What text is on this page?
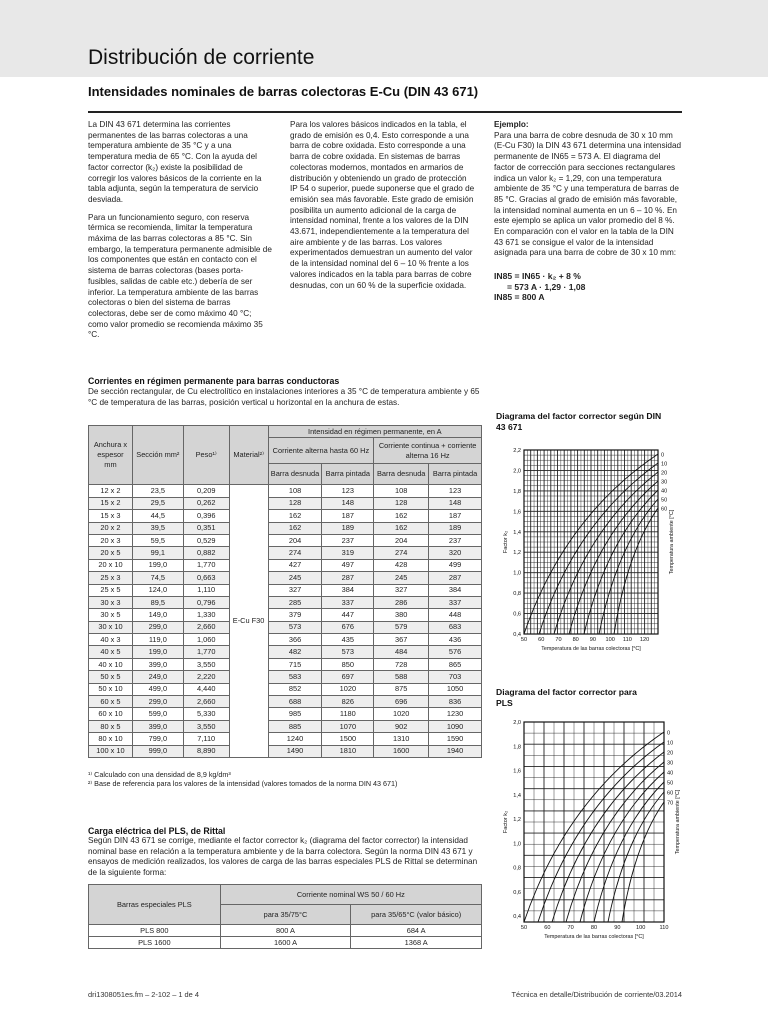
Distribución de corriente
Intensidades nominales de barras colectoras E-Cu (DIN 43 671)

La DIN 43 671 determina las corrientes permanentes de las barras colectoras a una temperatura ambiente de 35 °C y a una temperatura media de 65 °C. Con la ayuda del factor corrector (k₂) existe la posibilidad de corregir los valores básicos de la corriente en la tabla adjunta, según la temperatura de servicio desviada.

Para un funcionamiento seguro, con reserva térmica se recomienda, limitar la temperatura máxima de las barras colectoras a 85 °C. Sin embargo, la temperatura permanente admisible de los componentes que están en contacto con el sistema de barras colectoras (bases porta-fusibles, salidas de cable etc.) debería de ser inferior. La temperatura ambiente de las barras colectoras o bien del sistema de barras colectoras, debe ser de como máximo 40 °C; como valor promedio se recomienda máximo 35 °C.

Para los valores básicos indicados en la tabla, el grado de emisión es 0,4. Esto corresponde a una barra de cobre oxidada. Esto corresponde a una barra de cobre oxidada. En sistemas de barras colectoras modernos, montados en armarios de distribución y obteniendo un grado de protección IP 54 o superior, puede suponerse que el grado de emisión sea más favorable. Este grado de emisión posibilita un aumento adicional de la carga de intensidad nominal, frente a los valores de la DIN 43.671, independientemente a la temperatura del aire ambiente y de las barras. Los valores experimentados demuestran un aumento del valor de la intensidad nominal del 6 – 10 % frente a los valores indicados en la tabla para barras de cobre desnudas, con un 60 % de la superficie oxidada.

Ejemplo:

Para una barra de cobre desnuda de 30 x 10 mm (E-Cu F30) la DIN 43 671 determina una intensidad permanente de IN65 = 573 A. El diagrama del factor de corrección para secciones rectangulares indica un valor k₂ = 1,29, con una temperatura ambiente de 35 °C y una temperatura de barras de 85 °C. Gracias al grado de emisión más favorable, la intensidad nominal aumenta en un 6 – 10 %. En este ejemplo se aplica un valor promedio del 8 %. En comparación con el valor en la tabla de la DIN 43 671 se consigue el valor de la intensidad asignada para una barra de cobre de 30 x 10 mm:

IN85 = IN65 · k₂ + 8 %
= 573 A · 1,29 · 1,08
IN85 = 800 A
Corrientes en régimen permanente para barras conductoras
De sección rectangular, de Cu electrolítico en instalaciones interiores a 35 °C de temperatura ambiente y 65 °C de temperatura de las barras, posición vertical u horizontal en la anchura de estas.
Anchura x espesor mm	Sección mm²	Peso¹⁾	Material²⁾	Intensidad en régimen permanente, en A			
				Corriente alterna hasta 60 Hz		Corriente continua + corriente alterna 16 Hz	
				Barra desnuda	Barra pintada	Barra desnuda	Barra pintada
12 x 2	23,5	0,209	E-Cu F30	108	123	108	123
15 x 2	29,5	0,262		128	148	128	148
15 x 3	44,5	0,396		162	187	162	187
20 x 2	39,5	0,351		162	189	162	189
20 x 3	59,5	0,529		204	237	204	237
20 x 5	99,1	0,882		274	319	274	320
20 x 10	199,0	1,770		427	497	428	499
25 x 3	74,5	0,663		245	287	245	287
25 x 5	124,0	1,110		327	384	327	384
30 x 3	89,5	0,796		285	337	286	337
30 x 5	149,0	1,330		379	447	380	448
30 x 10	299,0	2,660		573	676	579	683
40 x 3	119,0	1,060		366	435	367	436
40 x 5	199,0	1,770		482	573	484	576
40 x 10	399,0	3,550		715	850	728	865
50 x 5	249,0	2,220		583	697	588	703
50 x 10	499,0	4,440		852	1020	875	1050
60 x 5	299,0	2,660		688	826	696	836
60 x 10	599,0	5,330		985	1180	1020	1230
80 x 5	399,0	3,550		885	1070	902	1090
80 x 10	799,0	7,110		1240	1500	1310	1590
100 x 10	999,0	8,890		1490	1810	1600	1940
¹⁾ Calculado con una densidad de 8,9 kg/dm³
²⁾ Base de referencia para los valores de la intensidad (valores tomados de la norma DIN 43 671)
Carga eléctrica del PLS, de Rittal
Según DIN 43 671 se corrige, mediante el factor corrector k₂ (diagrama del factor corrector) la intensidad nominal base en relación a la temperatura ambiente y de la barra colectora. Según la norma DIN 43 671 y ensayos de medición realizados, los valores de carga de las barras especiales PLS de Rittal se determinan de la siguiente forma:
Barras especiales PLS	Corriente nominal WS 50 / 60 Hz	
	para 35/75°C	para 35/65°C (valor básico)
PLS 800	800 A	684 A
PLS 1600	1600 A	1368 A
Diagrama del factor corrector según DIN 43 671
0
10
20
30
40
50
60
2,2
2,0
1,8
1,6
1,4
1,2
1,0
0,8
0,6
0,4
50 60 70 80 90 100 110 120
Temperatura de las barras colectoras [°C]
Factor k₂	Temperatura ambiente [°C]
Diagrama del factor corrector para PLS
0
10
20
30
40
50
60
70
2,0
1,8
1,6
1,4
1,2
1,0
0,8
0,6
0,4
50	60	70	80	90	100	110
Temperatura de las barras colectoras [°C]
Factor k₂	Temperatura ambiente [°C]
dri1308051es.fm – 2-102 – 1 de 4	Técnica en detalle/Distribución de corriente/03.2014
